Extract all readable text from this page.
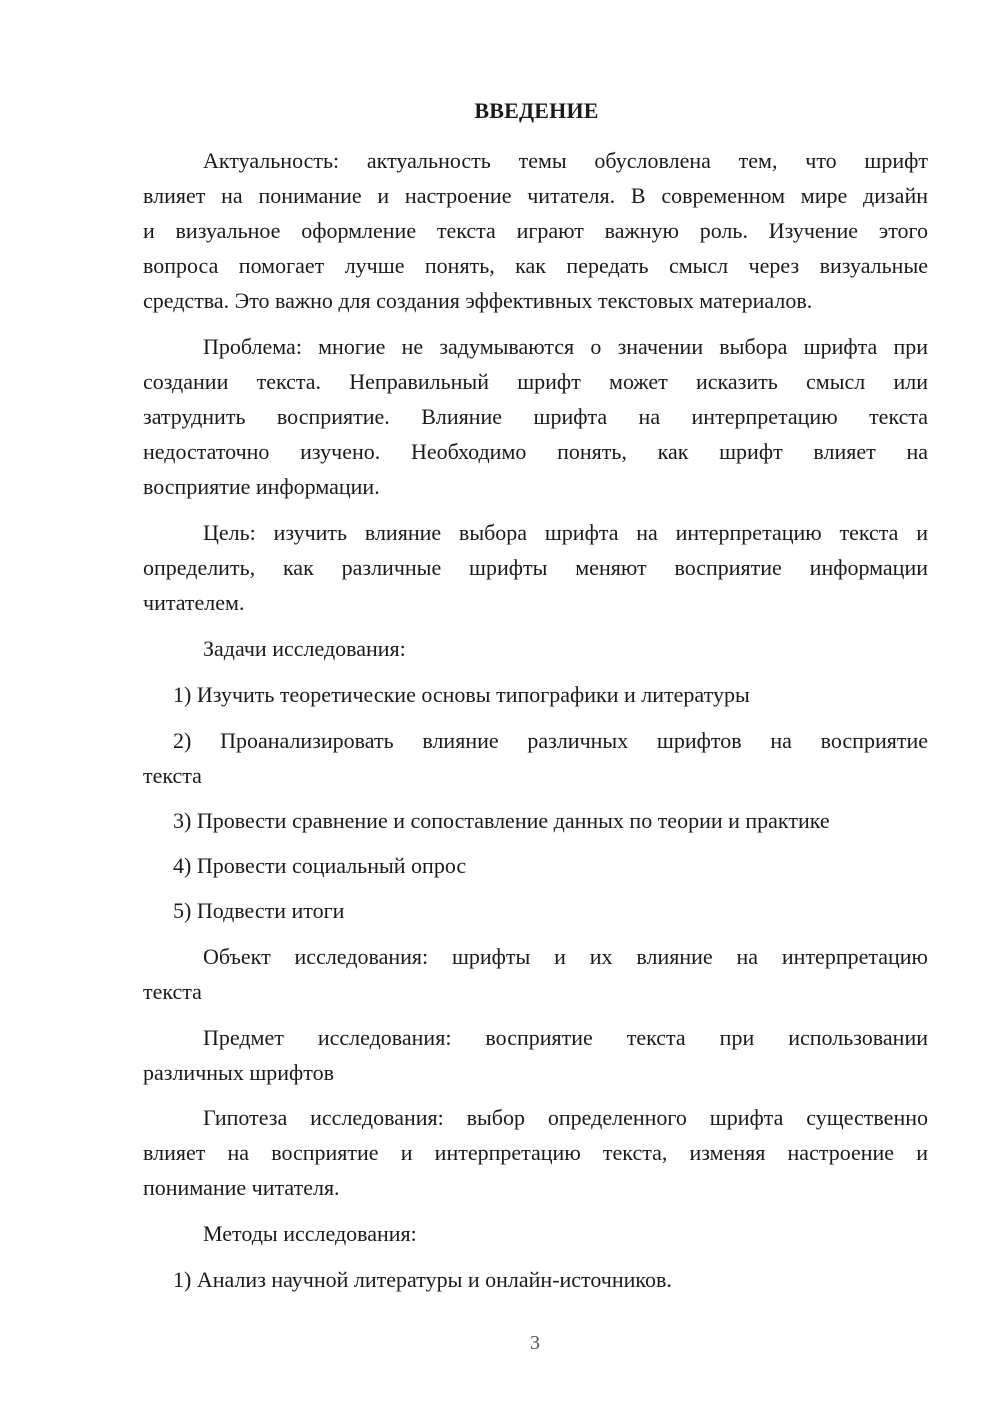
ВВЕДЕНИЕ

Актуальность: актуальность темы обусловлена тем, что шрифт

влияет на понимание и настроение читателя. В современном мире дизайн

и визуальное оформление текста играют важную роль. Изучение этого

вопроса помогает лучше понять, как передать смысл через визуальные

средства. Это важно для создания эффективных текстовых материалов.

Проблема: многие не задумываются о значении выбора шрифта при

создании текста. Неправильный шрифт может исказить смысл или

затруднить восприятие. Влияние шрифта на интерпретацию текста

недостаточно изучено. Необходимо понять, как шрифт влияет на

восприятие информации.

Цель: изучить влияние выбора шрифта на интерпретацию текста и

определить, как различные шрифты меняют восприятие информации

читателем.

Задачи исследования:

1) Изучить теоретические основы типографики и литературы

2) Проанализировать влияние различных шрифтов на восприятие

текста

3) Провести сравнение и сопоставление данных по теории и практике

4) Провести социальный опрос

5) Подвести итоги

Объект исследования: шрифты и их влияние на интерпретацию

текста

Предмет исследования: восприятие текста при использовании

различных шрифтов

Гипотеза исследования: выбор определенного шрифта существенно

влияет на восприятие и интерпретацию текста, изменяя настроение и

понимание читателя.

Методы исследования:

1) Анализ научной литературы и онлайн-источников.

3
